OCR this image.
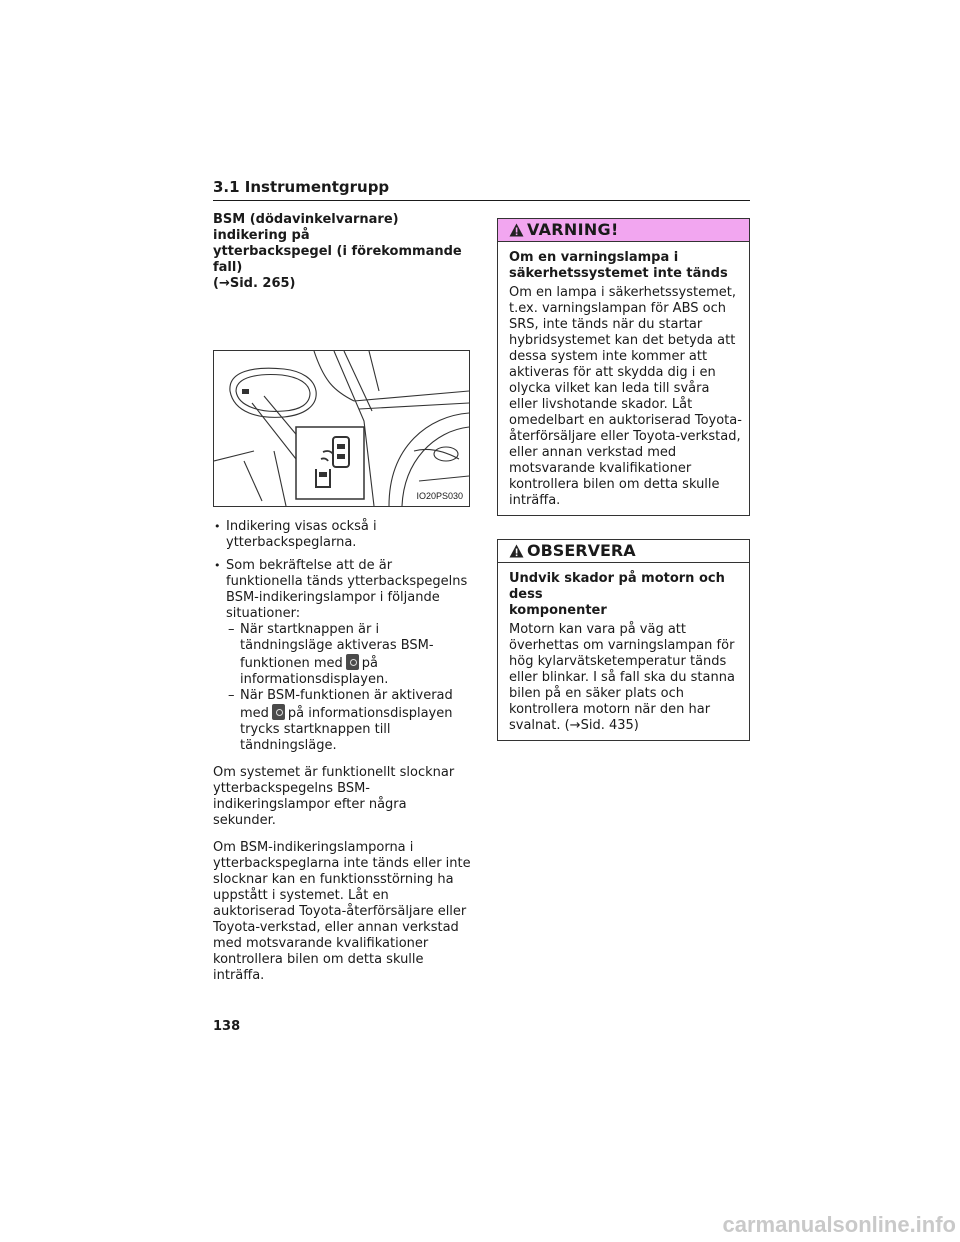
3.1 Instrumentgrupp
BSM (dödavinkelvarnare) indikering på
ytterbackspegel (i förekommande fall)
(→Sid. 265)
IO20PS030
• Indikering visas också i ytterbackspeglarna.
• Som bekräftelse att de är funktionella tänds ytterbackspegelns BSM-indikeringslampor i följande situationer:
– När startknappen är i tändningsläge aktiveras BSM-funktionen med på informationsdisplayen.
– När BSM-funktionen är aktiverad med på informationsdisplayen trycks startknappen till tändningsläge.

Om systemet är funktionellt slocknar ytterbackspegelns BSM-indikeringslampor efter några sekunder.

Om BSM-indikeringslamporna i ytterbackspeglarna inte tänds eller inte slocknar kan en funktionsstörning ha uppstått i systemet. Låt en auktoriserad Toyota-återförsäljare eller Toyota-verkstad, eller annan verkstad med motsvarande kvalifikationer kontrollera bilen om detta skulle inträffa.

VARNING!
Om en varningslampa i
säkerhetssystemet inte tänds
Om en lampa i säkerhetssystemet, t.ex. varningslampan för ABS och SRS, inte tänds när du startar hybridsystemet kan det betyda att dessa system inte kommer att aktiveras för att skydda dig i en olycka vilket kan leda till svåra eller livshotande skador. Låt omedelbart en auktoriserad Toyota-återförsäljare eller Toyota-verkstad, eller annan verkstad med motsvarande kvalifikationer kontrollera bilen om detta skulle inträffa.
OBSERVERA
Undvik skador på motorn och dess
komponenter
Motorn kan vara på väg att överhettas om varningslampan för hög kylarvätsketemperatur tänds eller blinkar. I så fall ska du stanna bilen på en säker plats och kontrollera motorn när den har svalnat. (→Sid. 435)
138
carmanualsonline.info
